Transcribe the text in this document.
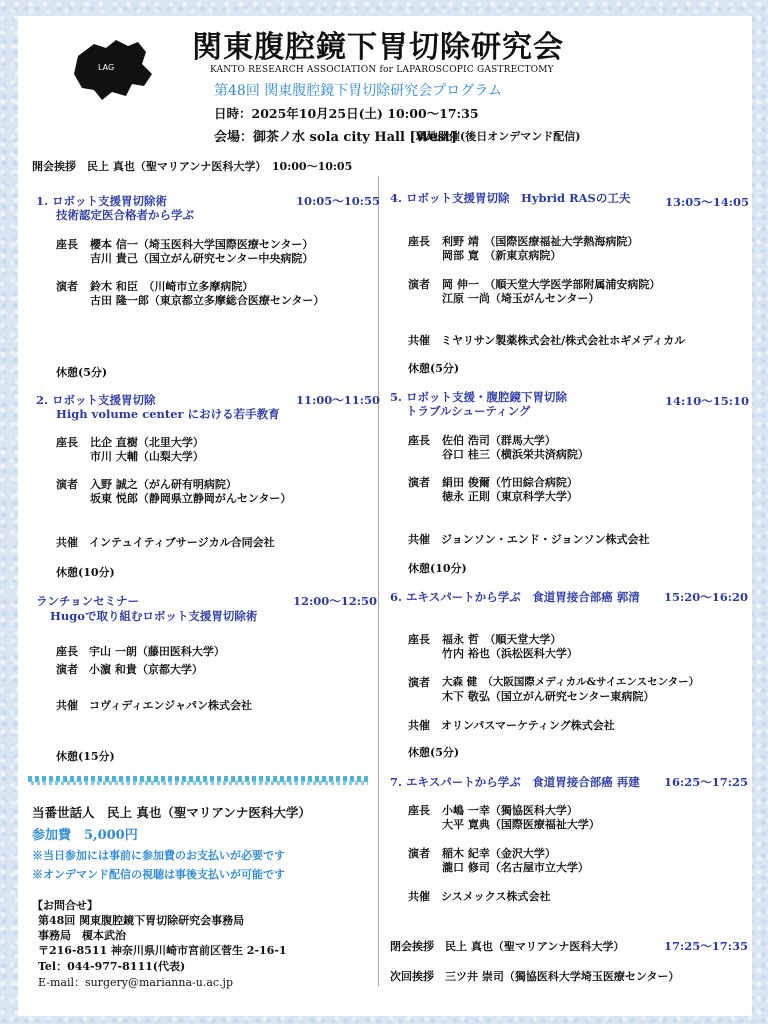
LAG
関東腹腔鏡下胃切除研究会
KANTO RESEARCH ASSOCIATION for LAPAROSCOPIC GASTRECTOMY
第48回 関東腹腔鏡下胃切除研究会プログラム
日時：2025年10月25日(土) 10:00～17:35
会場：御茶ノ水 sola city Hall [West]
現地開催(後日オンデマンド配信)
開会挨拶　民上 真也（聖マリアンナ医科大学）　10:00～10:05
1. ロボット支援胃切除術
技術認定医合格者から学ぶ
10:05～10:55
座長 櫻本 信一（埼玉医科大学国際医療センター）
吉川 貴己（国立がん研究センター中央病院）
演者 鈴木 和臣　（川崎市立多摩病院）
古田 隆一郎（東京都立多摩総合医療センター）
休憩(5分)
2. ロボット支援胃切除
High volume center における若手教育
11:00～11:50
座長 比企 直樹（北里大学）
市川 大輔（山梨大学）
演者 入野 誠之（がん研有明病院）
坂東 悦郎（静岡県立静岡がんセンター）
共催　インテュイティブサージカル合同会社
休憩(10分)
ランチョンセミナー
Hugoで取り組むロボット支援胃切除術
12:00～12:50
座長　宇山 一朗（藤田医科大学）
演者　小濵 和貴（京都大学）
共催　コヴィディエンジャパン株式会社
休憩(15分)
当番世話人　民上 真也（聖マリアンナ医科大学）
参加費　5,000円
※当日参加には事前に参加費のお支払いが必要です
※オンデマンド配信の視聴は事後支払いが可能です
【お問合せ】
第48回 関東腹腔鏡下胃切除研究会事務局
事務局　榎本武治
〒216-8511 神奈川県川崎市宮前区菅生 2-16-1
Tel：044-977-8111(代表)
E-mail：surgery@marianna-u.ac.jp
4. ロボット支援胃切除　Hybrid RASの工夫	13:05～14:05
座長 利野 靖　（国際医療福祉大学熱海病院）
岡部 寛　（新東京病院）
演者 岡 伸一　（順天堂大学医学部附属浦安病院）
江原 一尚（埼玉がんセンター）
共催　ミヤリサン製薬株式会社/株式会社ホギメディカル
休憩(5分)
5. ロボット支援・腹腔鏡下胃切除
トラブルシューティング
14:10～15:10
座長 佐伯 浩司（群馬大学）
谷口 桂三（横浜栄共済病院）
演者 絹田 俊爾（竹田綜合病院）
徳永 正則（東京科学大学）
共催　ジョンソン・エンド・ジョンソン株式会社
休憩(10分)
6. エキスパートから学ぶ　食道胃接合部癌 郭清 15:20～16:20
座長 福永 哲　（順天堂大学）
竹内 裕也（浜松医科大学）
演者 大森 健　（大阪国際メディカル&サイエンスセンター）
木下 敬弘（国立がん研究センター東病院）
共催　オリンパスマーケティング株式会社
休憩(5分)
7. エキスパートから学ぶ　食道胃接合部癌 再建 16:25～17:25
座長 小嶋 一幸（獨協医科大学）
大平 寛典（国際医療福祉大学）
演者 稲木 紀幸（金沢大学）
瀧口 修司（名古屋市立大学）
共催　シスメックス株式会社
閉会挨拶　民上 真也（聖マリアンナ医科大学）	17:25～17:35
次回挨拶　三ツ井 崇司（獨協医科大学埼玉医療センター）
